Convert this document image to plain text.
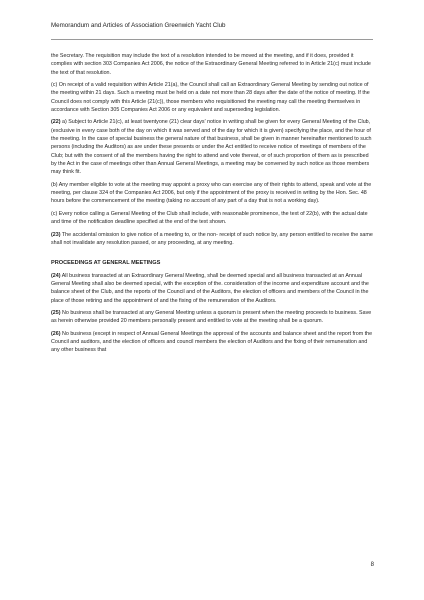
Memorandum and Articles of Association Greenwich Yacht Club

the Secretary. The requisition may include the text of a resolution intended to be moved at the meeting, and if it does, provided it complies with section 303 Companies Act 2006, the notice of the Extraordinary General Meeting referred to in Article 21(c) must include the text of that resolution.

(c) On receipt of a valid requisition within Article 21(a), the Council shall call an Extraordinary General Meeting by sending out notice of the meeting within 21 days. Such a meeting must be held on a date not more than 28 days after the date of the notice of meeting. If the Council does not comply with this Article (21(c)), those members who requisitioned the meeting may call the meeting themselves in accordance with Section 305 Companies Act 2006 or any equivalent and superseding legislation.

(22) a) Subject to Article 21(c), at least twentyone (21) clear days' notice in writing shall be given for every General Meeting of the Club, (exclusive in every case both of the day on which it was served and of the day for which it is given) specifying the place, and the hour of the meeting. In the case of special business the general nature of that business, shall be given in manner hereinafter mentioned to such persons (including the Auditors) as are under these presents or under the Act entitled to receive notice of meetings of members of the Club; but with the consent of all the members having the right to attend and vote thereat, or of such proportion of them as is prescribed by the Act in the case of meetings other than Annual General Meetings, a meeting may be convened by such notice as those members may think fit.

(b) Any member eligible to vote at the meeting may appoint a proxy who can exercise any of their rights to attend, speak and vote at the meeting, per clause 324 of the Companies Act 2006, but only if the appointment of the proxy is received in writing by the Hon. Sec. 48 hours before the commencement of the meeting (taking no account of any part of a day that is not a working day).

(c) Every notice calling a General Meeting of the Club shall include, with reasonable prominence, the text of 22(b), with the actual date and time of the notification deadline specified at the end of the text shown.

(23) The accidental omission to give notice of a meeting to, or the non- receipt of such notice by, any person entitled to receive the same shall not invalidate any resolution passed, or any proceeding, at any meeting.

PROCEEDINGS AT GENERAL MEETINGS

(24) All business transacted at an Extraordinary General Meeting, shall be deemed special and all business transacted at an Annual General Meeting shall also be deemed special, with the exception of the. consideration of the income and expenditure account and the balance sheet of the Club, and the reports of the Council and of the Auditors, the election of officers and members of the Council in the place of those retiring and the appointment of and the fixing of the remuneration of the Auditors.

(25) No business shall be transacted at any General Meeting unless a quorum is present when the meeting proceeds to business. Save as herein otherwise provided 20 members personally present and entitled to vote at the meeting shall be a quorum.

(26) No business (except in respect of Annual General Meetings the approval of the accounts and balance sheet and the report from the Council and auditors, and the election of officers and council members the election of Auditors and the fixing of their remuneration and any other business that

8
